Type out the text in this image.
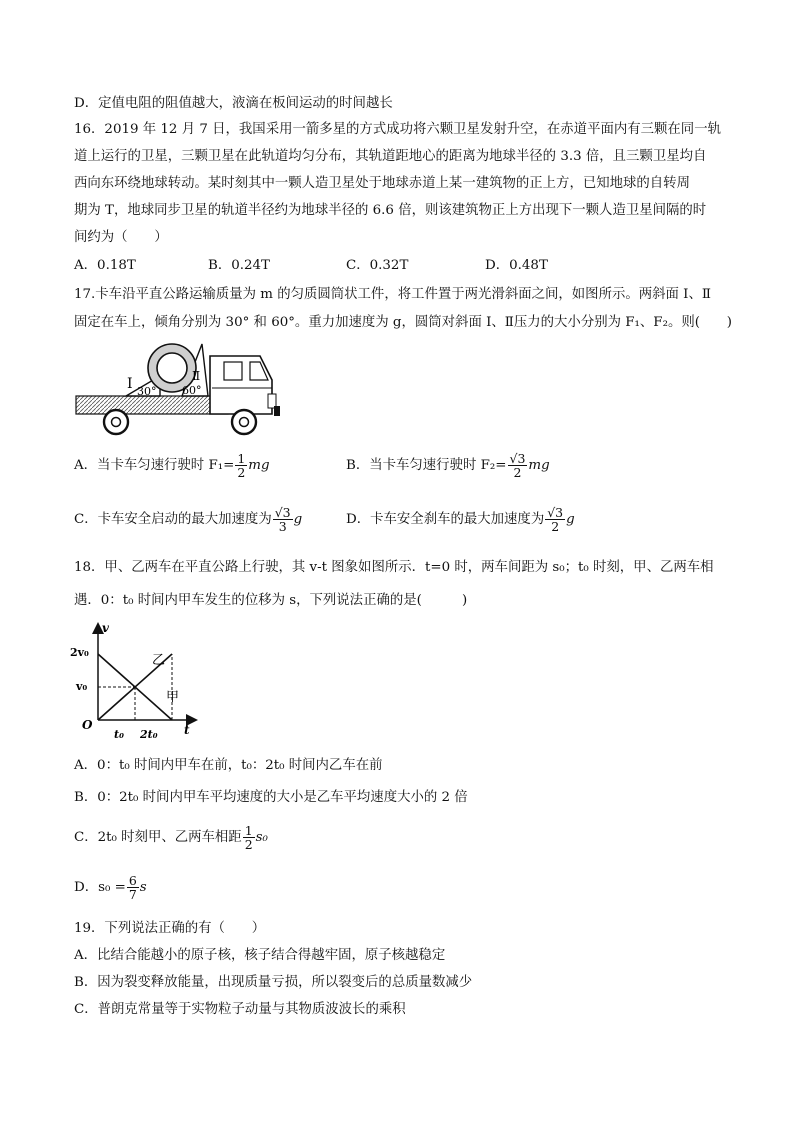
D．定值电阻的阻值越大，液滴在板间运动的时间越长
16．2019 年 12 月 7 日，我国采用一箭多星的方式成功将六颗卫星发射升空，在赤道平面内有三颗在同一轨
道上运行的卫星，三颗卫星在此轨道均匀分布，其轨道距地心的距离为地球半径的 3.3 倍，且三颗卫星均自
西向东环绕地球转动。某时刻其中一颗人造卫星处于地球赤道上某一建筑物的正上方，已知地球的自转周
期为 T，地球同步卫星的轨道半径约为地球半径的 6.6 倍，则该建筑物正上方出现下一颗人造卫星间隔的时
间约为（　　）
A．0.18T	B．0.24T	C．0.32T	D．0.48T
17.卡车沿平直公路运输质量为 m 的匀质圆筒状工件，将工件置于两光滑斜面之间，如图所示。两斜面 Ⅰ、Ⅱ
固定在车上，倾角分别为 30° 和 60°。重力加速度为 g，圆筒对斜面 Ⅰ、Ⅱ压力的大小分别为 F₁、F₂。则(　　)
Ⅰ 30°
Ⅱ
60°
A．当卡车匀速行驶时 $F_1= \frac{1}{2}$ mg	B．当卡车匀速行驶时 $F_2= \frac{√3}{2}$ mg
C．卡车安全启动的最大加速度为 $\frac{√3}{3}$ g	D．卡车安全刹车的最大加速度为 $\frac{√3}{2}$ g
18．甲、乙两车在平直公路上行驶，其 v-t 图象如图所示．t=0 时，两车间距为 s₀；t₀ 时刻，甲、乙两车相
遇．0：t₀ 时间内甲车发生的位移为 s，下列说法正确的是(　　　)
v
t
O
2v₀
v₀
t₀ 2t₀
乙
甲
A．0：t₀ 时间内甲车在前，t₀：2t₀ 时间内乙车在前
B．0：2t₀ 时间内甲车平均速度的大小是乙车平均速度大小的 2 倍
C．2t₀ 时刻甲、乙两车相距 $\frac{1}{2} s_0$
D．$s_0 = \frac{6}{7}$ s
19．下列说法正确的有（　　）
A．比结合能越小的原子核，核子结合得越牢固，原子核越稳定
B．因为裂变释放能量，出现质量亏损，所以裂变后的总质量数减少
C．普朗克常量等于实物粒子动量与其物质波波长的乘积
